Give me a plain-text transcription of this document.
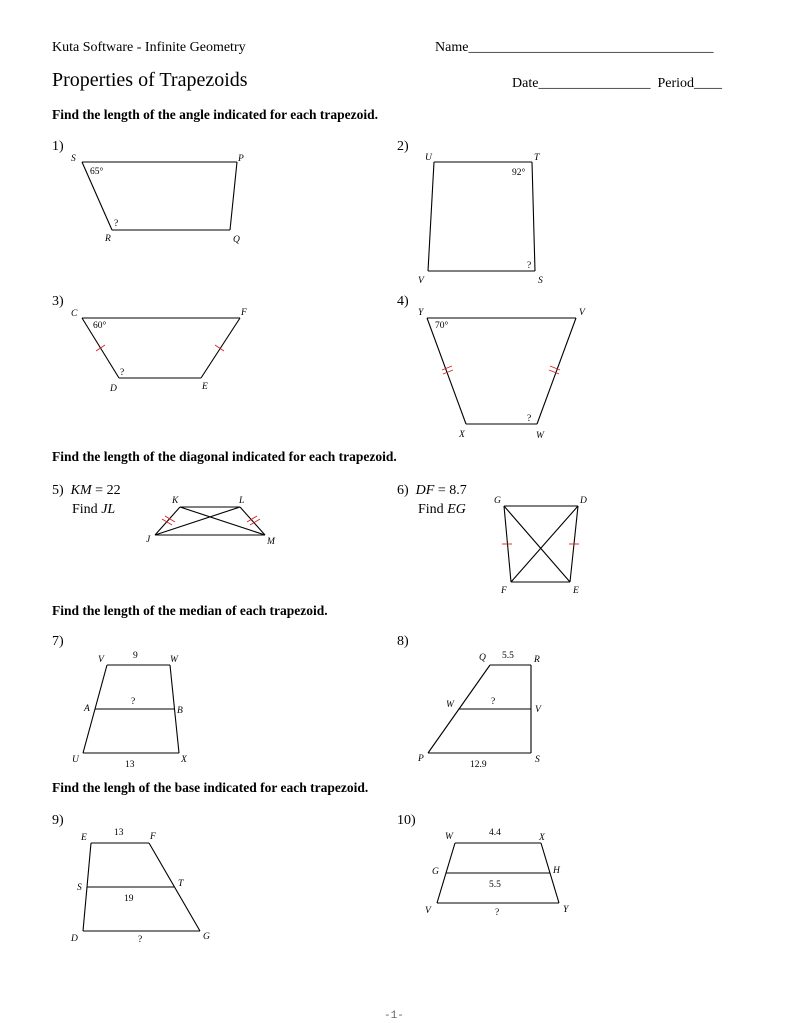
Kuta Software - Infinite Geometry	Name___________________________________
Properties of Trapezoids	Date________________ Period____
Find the length of the angle indicated for each trapezoid.
Find the length of the diagonal indicated for each trapezoid.
Find the length of the median of each trapezoid.
Find the lengh of the base indicated for each trapezoid.
1)	2)
3)	4)
7)	8)
9)	10)
5) KM = 22
Find JL
6) DF = 8.7
Find EG
S	P
R	Q
65°
?
U	T
V	S
92°
?
C	F
D	E
60°
?
Y	V
X	W
70°
?
K	L
J	M
G	D
F	E
V	W
A	B
U	X
9
?
13
Q	R
W	V
P	S
5.5
?
12.9
E	F
S	T
D	G
13
19
?
W	X
G	H
V	Y
4.4
5.5
?
-1-
